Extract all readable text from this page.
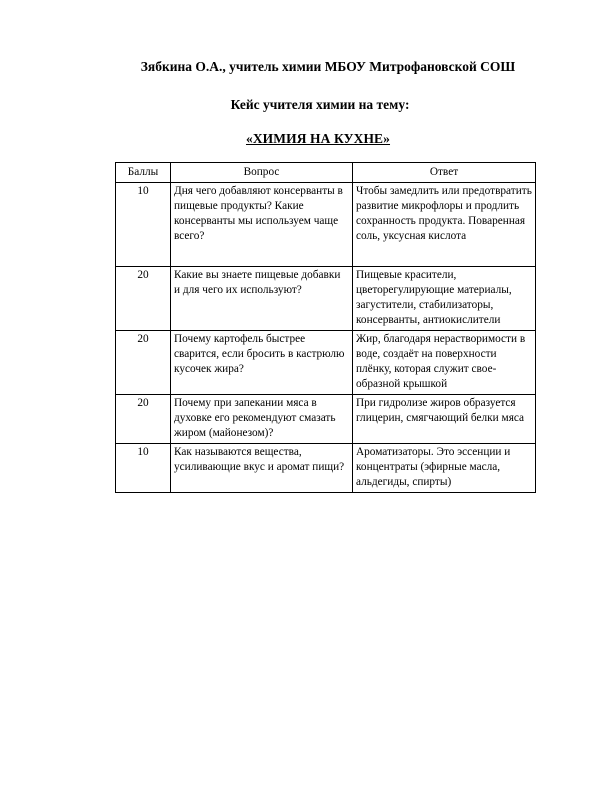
Зябкина О.А., учитель химии МБОУ Митрофановской СОШ
Кейс учителя химии на тему:
«ХИМИЯ НА КУХНЕ»
Баллы	Вопрос	Ответ
10	Дня чего добавляют консерванты в пищевые продукты? Какие консерванты мы используем чаще всего?	Чтобы замедлить или предотвратить развитие микрофлоры и продлить сохранность продукта. Поваренная соль, уксусная кислота
20	Какие вы знаете пищевые добавки и для чего их используют?	Пищевые красители, цветорегулирующие материалы, загустители, стабилизаторы, консерванты, антиокислители
20	Почему картофель быстрее сварится, если бросить в кастрюлю кусочек жира?	Жир, благодаря нерастворимости в воде, создаёт на поверхности плёнку, которая служит свое-образной крышкой
20	Почему при запекании мяса в духовке его рекомендуют смазать жиром (майонезом)?	При гидролизе жиров образуется глицерин, смягчающий белки мяса
10	Как называются вещества, усиливающие вкус и аромат пищи?	Ароматизаторы. Это эссенции и концентраты (эфирные масла, альдегиды, спирты)
